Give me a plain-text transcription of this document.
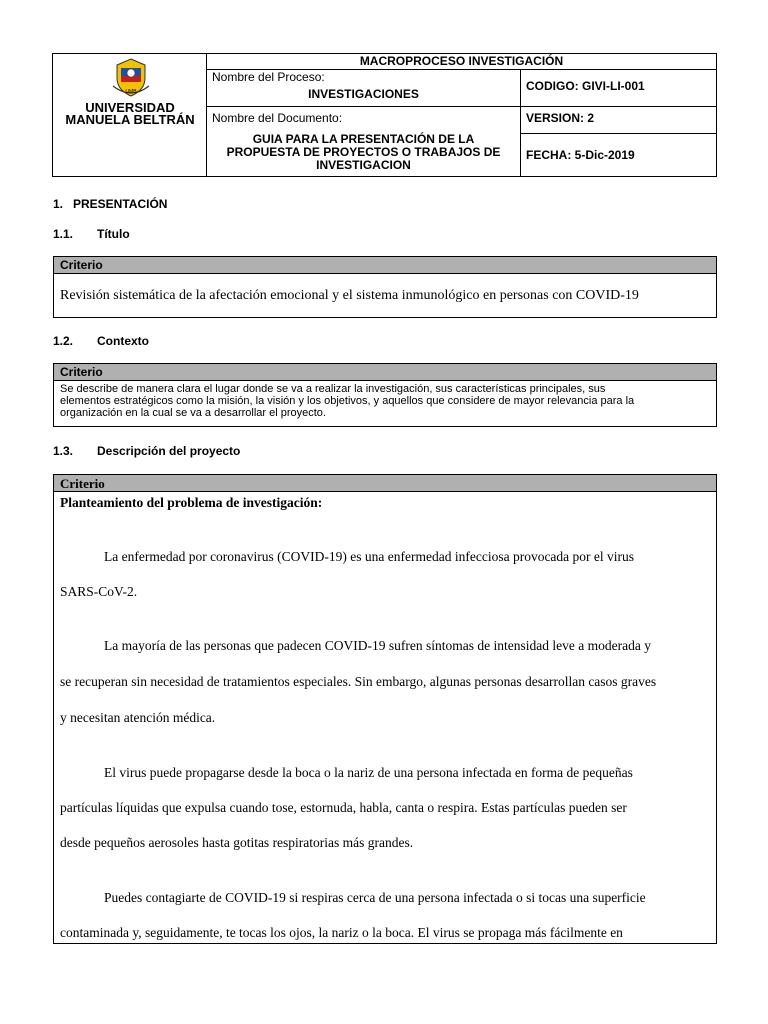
UMB
UNIVERSIDAD
MANUELA BELTRÁN
MACROPROCESO INVESTIGACIÓN
Nombre del Proceso:
INVESTIGACIONES
CODIGO: GIVI-LI-001
Nombre del Documento:	VERSION: 2
GUIA PARA LA PRESENTACIÓN DE LA
PROPUESTA DE PROYECTOS O TRABAJOS DE
INVESTIGACION
FECHA: 5-Dic-2019
1. PRESENTACIÓN
1.1. Título
Criterio
Revisión sistemática de la afectación emocional y el sistema inmunológico en personas con COVID-19
1.2. Contexto
Criterio
Se describe de manera clara el lugar donde se va a realizar la investigación, sus características principales, sus
elementos estratégicos como la misión, la visión y los objetivos, y aquellos que considere de mayor relevancia para la
organización en la cual se va a desarrollar el proyecto.
1.3. Descripción del proyecto
Criterio
Planteamiento del problema de investigación:
La enfermedad por coronavirus (COVID-19) es una enfermedad infecciosa provocada por el virus
SARS-CoV-2.
La mayoría de las personas que padecen COVID-19 sufren síntomas de intensidad leve a moderada y
se recuperan sin necesidad de tratamientos especiales. Sin embargo, algunas personas desarrollan casos graves
y necesitan atención médica.
El virus puede propagarse desde la boca o la nariz de una persona infectada en forma de pequeñas
partículas líquidas que expulsa cuando tose, estornuda, habla, canta o respira. Estas partículas pueden ser
desde pequeños aerosoles hasta gotitas respiratorias más grandes.
Puedes contagiarte de COVID-19 si respiras cerca de una persona infectada o si tocas una superficie
contaminada y, seguidamente, te tocas los ojos, la nariz o la boca. El virus se propaga más fácilmente en
